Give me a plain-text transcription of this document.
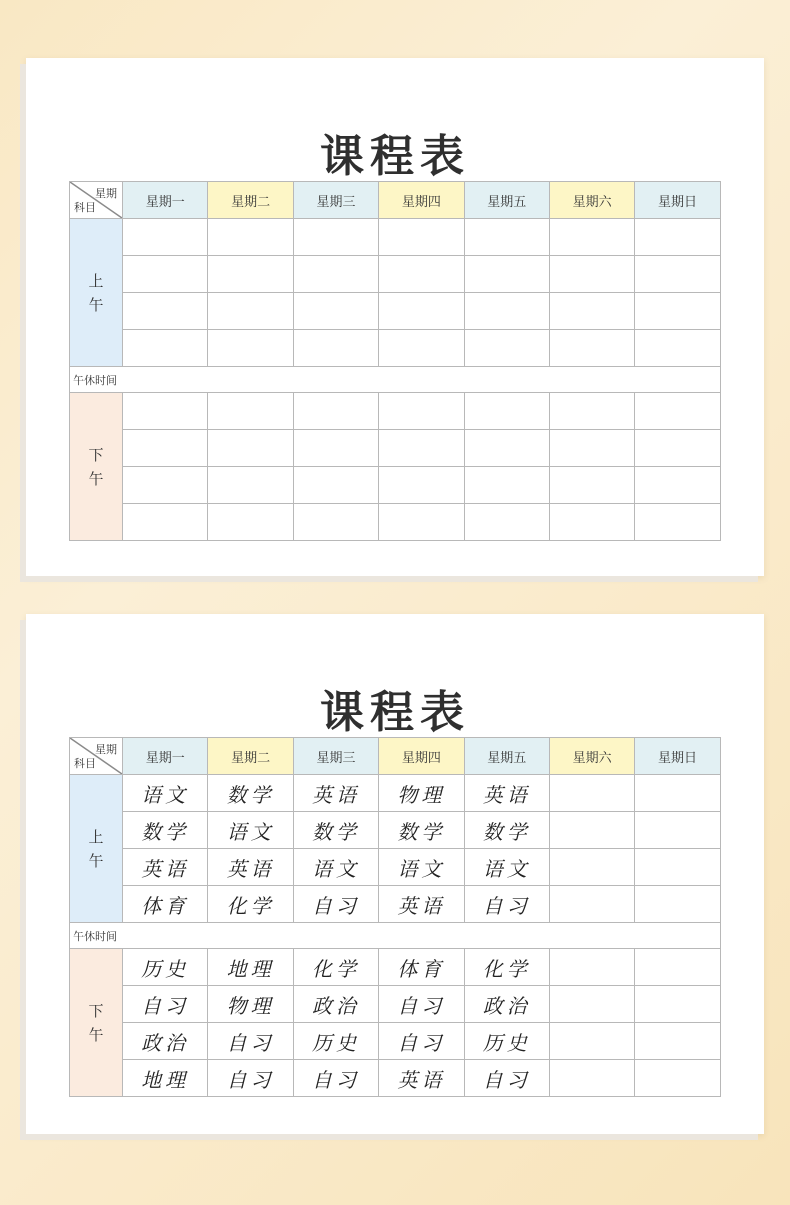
课程表
星期
科目	星期一	星期二	星期三	星期四	星期五	星期六	星期日
上
午							

午休时间							
下
午							

课程表
星期
科目	星期一	星期二	星期三	星期四	星期五	星期六	星期日
上
午	语文	数学	英语	物理	英语		
	数学	语文	数学	数学	数学		
	英语	英语	语文	语文	语文		
	体育	化学	自习	英语	自习		
午休时间							
下
午	历史	地理	化学	体育	化学		
	自习	物理	政治	自习	政治		
	政治	自习	历史	自习	历史		
	地理	自习	自习	英语	自习		
